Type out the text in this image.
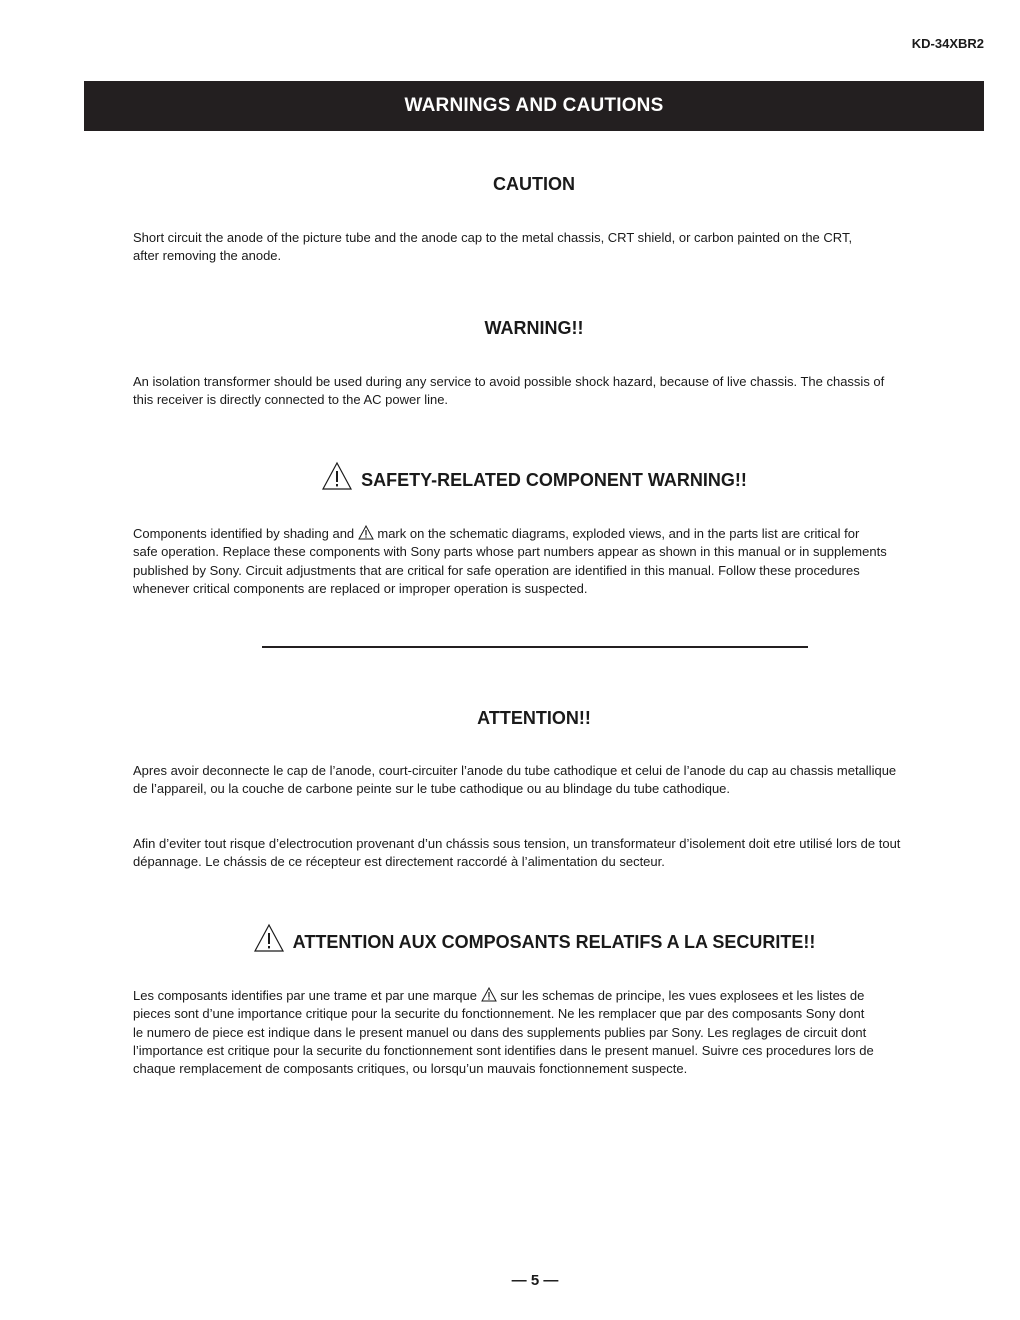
KD-34XBR2
WARNINGS AND CAUTIONS
CAUTION

Short circuit the anode of the picture tube and the anode cap to the metal chassis, CRT shield, or carbon painted on the CRT,
after removing the anode.

WARNING!!

An isolation transformer should be used during any service to avoid possible shock hazard, because of live chassis. The chassis of
this receiver is directly connected to the AC power line.

SAFETY-RELATED COMPONENT WARNING!!

Components identified by shading and  mark on the schematic diagrams, exploded views, and in the parts list are critical for
safe operation. Replace these components with Sony parts whose part numbers appear as shown in this manual or in supplements
published by Sony. Circuit adjustments that are critical for safe operation are identified in this manual. Follow these procedures
whenever critical components are replaced or improper operation is suspected.

ATTENTION!!

Apres avoir deconnecte le cap de l’anode, court-circuiter l’anode du tube cathodique et celui de l’anode du cap au chassis metallique
de l’appareil, ou la couche de carbone peinte sur le tube cathodique ou au blindage du tube cathodique.

Afin d’eviter tout risque d’electrocution provenant d’un chássis sous tension, un transformateur d’isolement doit etre utilisé lors de tout
dépannage. Le chássis de ce récepteur est directement raccordé à l’alimentation du secteur.

ATTENTION AUX COMPOSANTS RELATIFS A LA SECURITE!!

Les composants identifies par une trame et par une marque  sur les schemas de principe, les vues explosees et les listes de
pieces sont d’une importance critique pour la securite du fonctionnement. Ne les remplacer que par des composants Sony dont
le numero de piece est indique dans le present manuel ou dans des supplements publies par Sony. Les reglages de circuit dont
l’importance est critique pour la securite du fonctionnement sont identifies dans le present manuel. Suivre ces procedures lors de
chaque remplacement de composants critiques, ou lorsqu’un mauvais fonctionnement suspecte.

— 5 —
